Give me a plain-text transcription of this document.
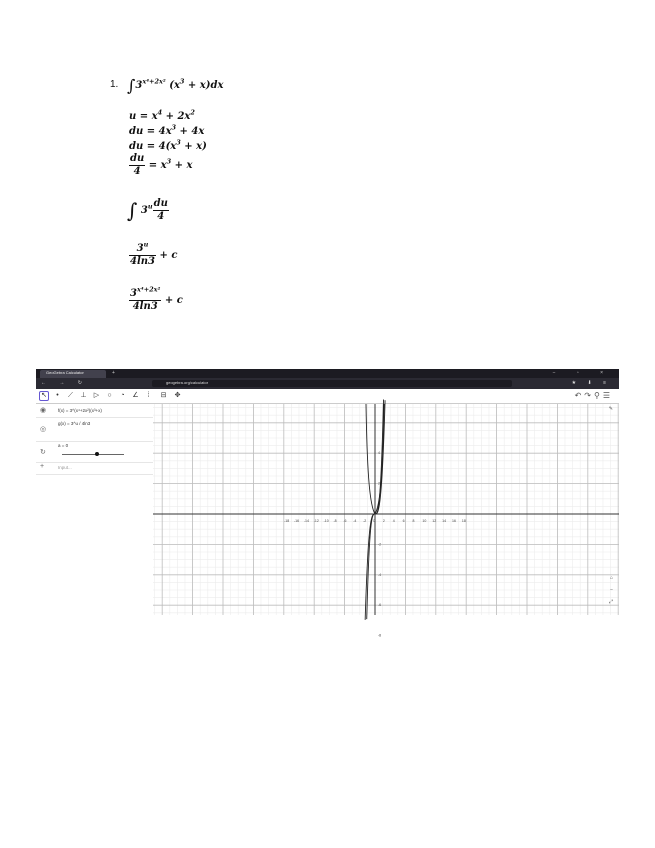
1. $\int 3^{x^4+2x^2}$ $(x^3 + x)dx$
$u = x^4 + 2x^2$
du = $4x^3 + 4x$
du = $4(x^3 + x)$
$\frac{du}{4} = x^3 + x$
∫ $3^u \frac{du}{4}$
$\frac{3^u}{4\ln 3} + c$
$\frac{3^{x^4+2x^2}}{4\ln 3} + c$
GeoGebra Calculator	+	− ▫ ×
← → ↻	geogebra.org/calculator	★ ⬇ ≡
↖	•	⟋ ⊥ ▷	○	◔	∠	⁞	⊟ ✥	↶↷⚲☰
◉	f(x) = 3^(x⁴+2x²)(x³+x)
◎
g(x) = 3^u / 4ln3
↻
a = 0
+	Input...
-18 -16 -14 -12 -10 -8 -6 -4 -2 0 2 4 6 8 10 12 14 16 18
4
2
-2
-4
-6
-8
✎
⌂
−
⤢
